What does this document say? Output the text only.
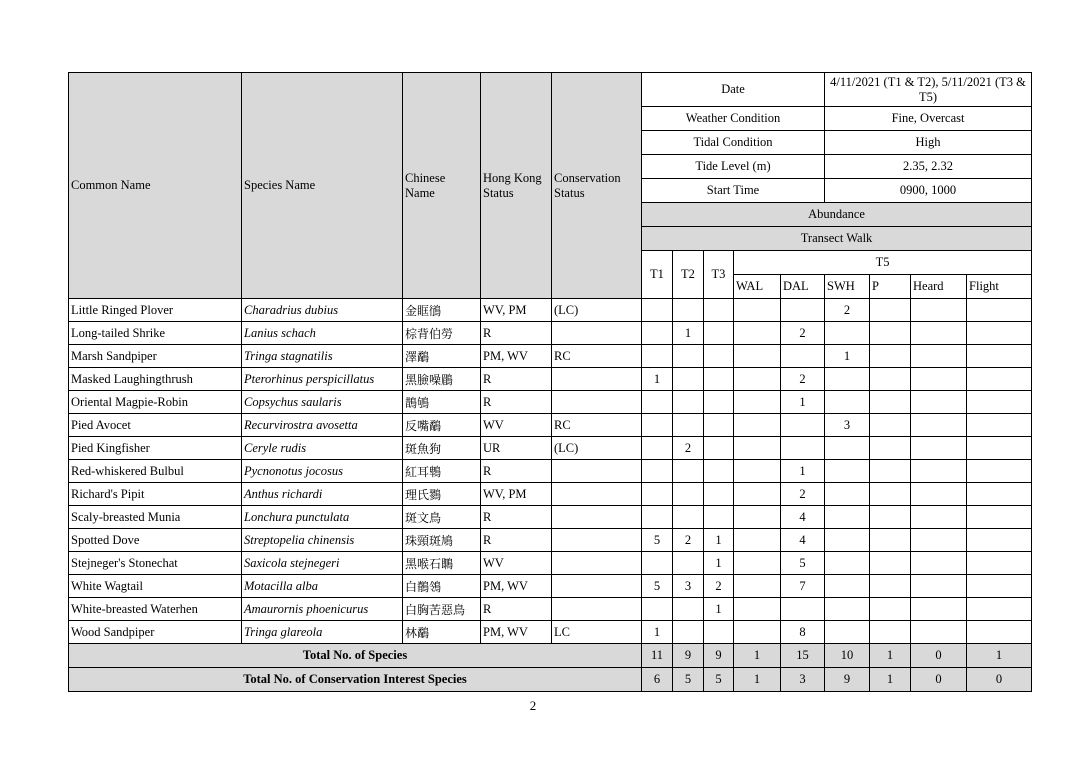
Common Name	Species Name	Chinese Name	Hong Kong Status	Conservation Status	Date					4/11/2021 (T1 & T2), 5/11/2021 (T3 & T5)			
					Weather Condition					Fine, Overcast			
					Tidal Condition					High			
					Tide Level (m)					2.35, 2.32			
					Start Time					0900, 1000			
					Abundance								
					Transect Walk								
					T1	T2	T3	T5					
								WAL	DAL	SWH	P	Heard	Flight

Little Ringed Plover	Charadrius dubius	金眶鴴	WV, PM	(LC)						2			
Long-tailed Shrike	Lanius schach	棕背伯勞	R			1			2				
Marsh Sandpiper	Tringa stagnatilis	澤鷸	PM, WV	RC						1			
Masked Laughingthrush	Pterorhinus perspicillatus	黑臉噪鶥	R		1				2				
Oriental Magpie-Robin	Copsychus saularis	鵲鴝	R						1				
Pied Avocet	Recurvirostra avosetta	反嘴鷸	WV	RC						3			
Pied Kingfisher	Ceryle rudis	斑魚狗	UR	(LC)		2							
Red-whiskered Bulbul	Pycnonotus jocosus	紅耳鵯	R						1				
Richard's Pipit	Anthus richardi	理氏鷚	WV, PM						2				
Scaly-breasted Munia	Lonchura punctulata	斑文鳥	R						4				
Spotted Dove	Streptopelia chinensis	珠頸斑鳩	R		5	2	1		4				
Stejneger's Stonechat	Saxicola stejnegeri	黑喉石䳭	WV				1		5				
White Wagtail	Motacilla alba	白鶺鴒	PM, WV		5	3	2		7				
White-breasted Waterhen	Amaurornis phoenicurus	白胸苦惡鳥	R				1						
Wood Sandpiper	Tringa glareola	林鷸	PM, WV	LC	1				8				
Total No. of Species					11	9	9	1	15	10	1	0	1
Total No. of Conservation Interest Species					6	5	5	1	3	9	1	0	0
2
